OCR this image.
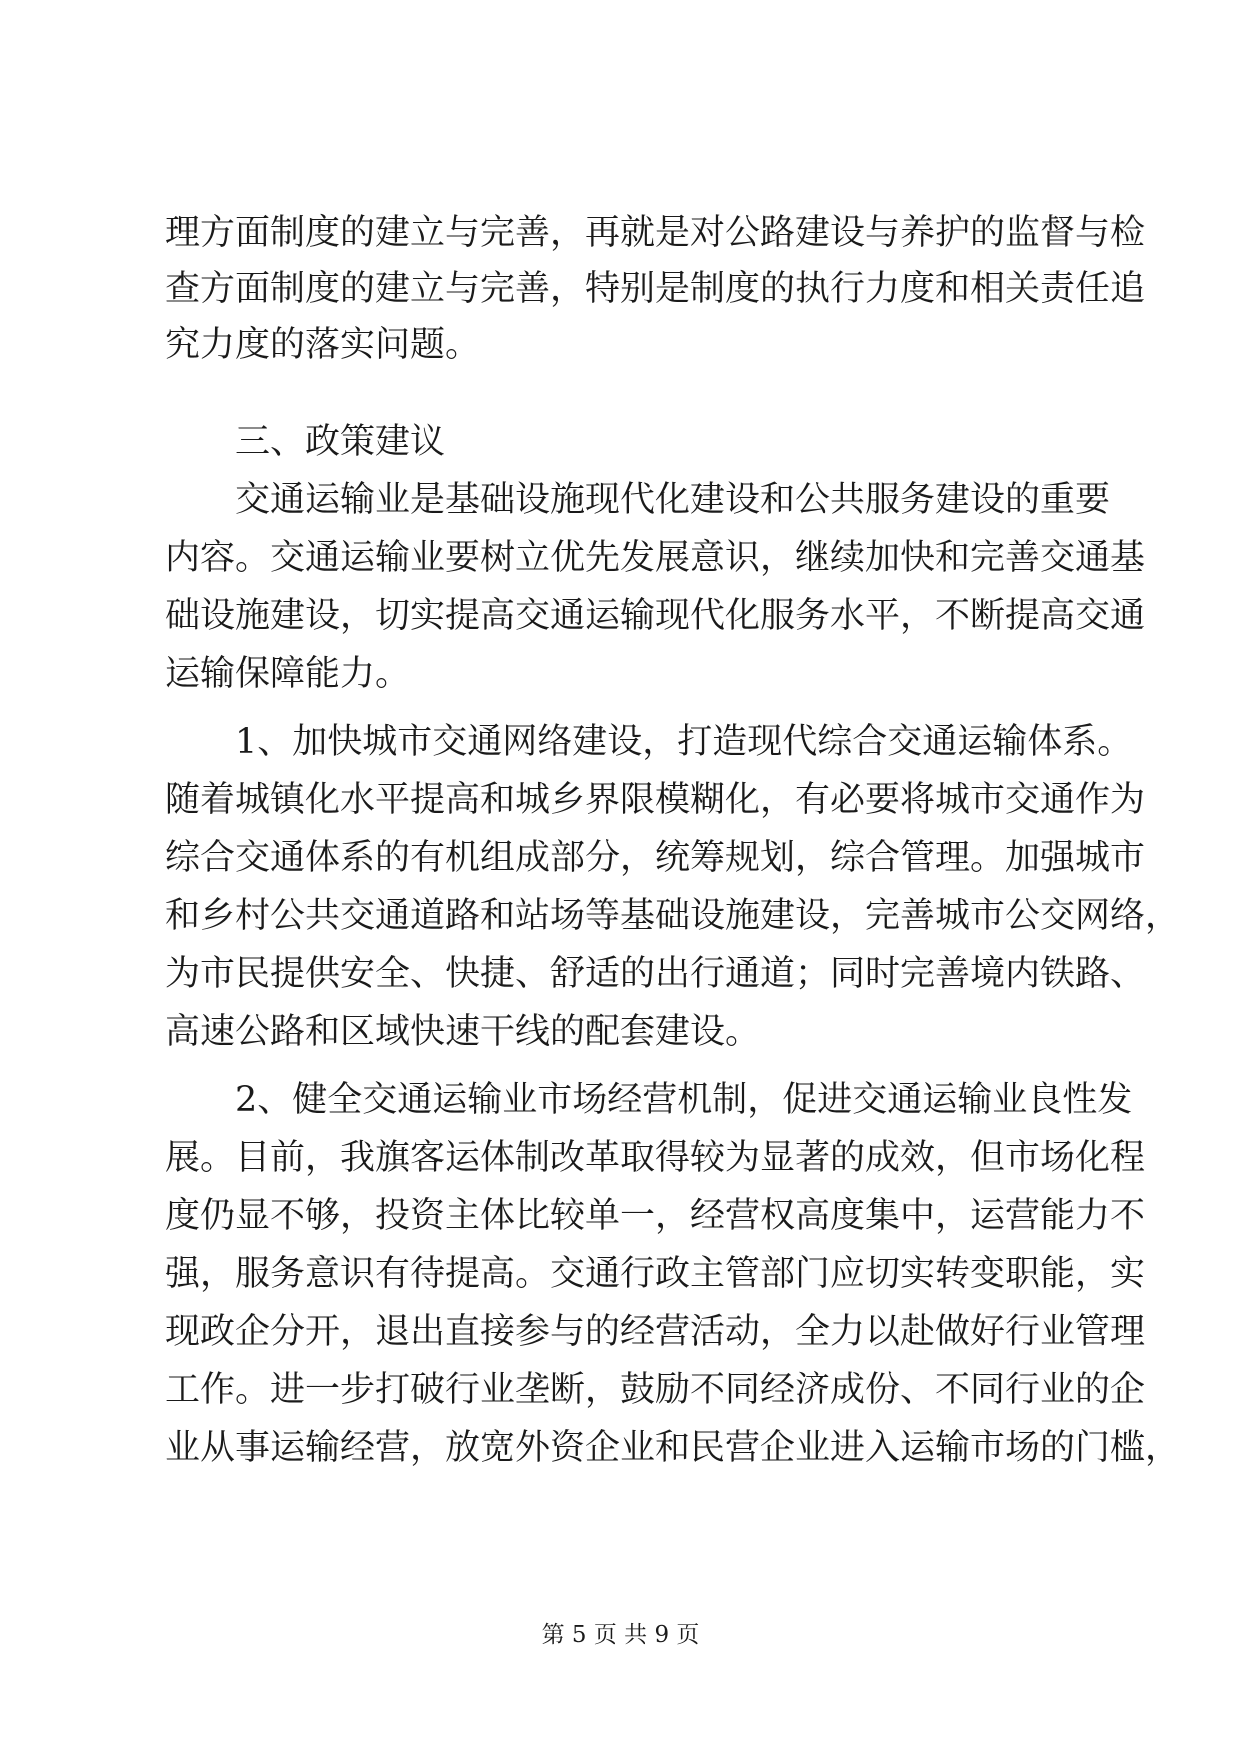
理方面制度的建立与完善，再就是对公路建设与养护的监督与检
查方面制度的建立与完善，特别是制度的执行力度和相关责任追
究力度的落实问题。
三、政策建议
交通运输业是基础设施现代化建设和公共服务建设的重要
内容。交通运输业要树立优先发展意识，继续加快和完善交通基
础设施建设，切实提高交通运输现代化服务水平，不断提高交通
运输保障能力。
1、加快城市交通网络建设，打造现代综合交通运输体系。
随着城镇化水平提高和城乡界限模糊化，有必要将城市交通作为
综合交通体系的有机组成部分，统筹规划，综合管理。加强城市
和乡村公共交通道路和站场等基础设施建设，完善城市公交网络，
为市民提供安全、快捷、舒适的出行通道；同时完善境内铁路、
高速公路和区域快速干线的配套建设。
2、健全交通运输业市场经营机制，促进交通运输业良性发
展。目前，我旗客运体制改革取得较为显著的成效，但市场化程
度仍显不够，投资主体比较单一，经营权高度集中，运营能力不
强，服务意识有待提高。交通行政主管部门应切实转变职能，实
现政企分开，退出直接参与的经营活动，全力以赴做好行业管理
工作。进一步打破行业垄断，鼓励不同经济成份、不同行业的企
业从事运输经营，放宽外资企业和民营企业进入运输市场的门槛，
第 5 页 共 9 页
